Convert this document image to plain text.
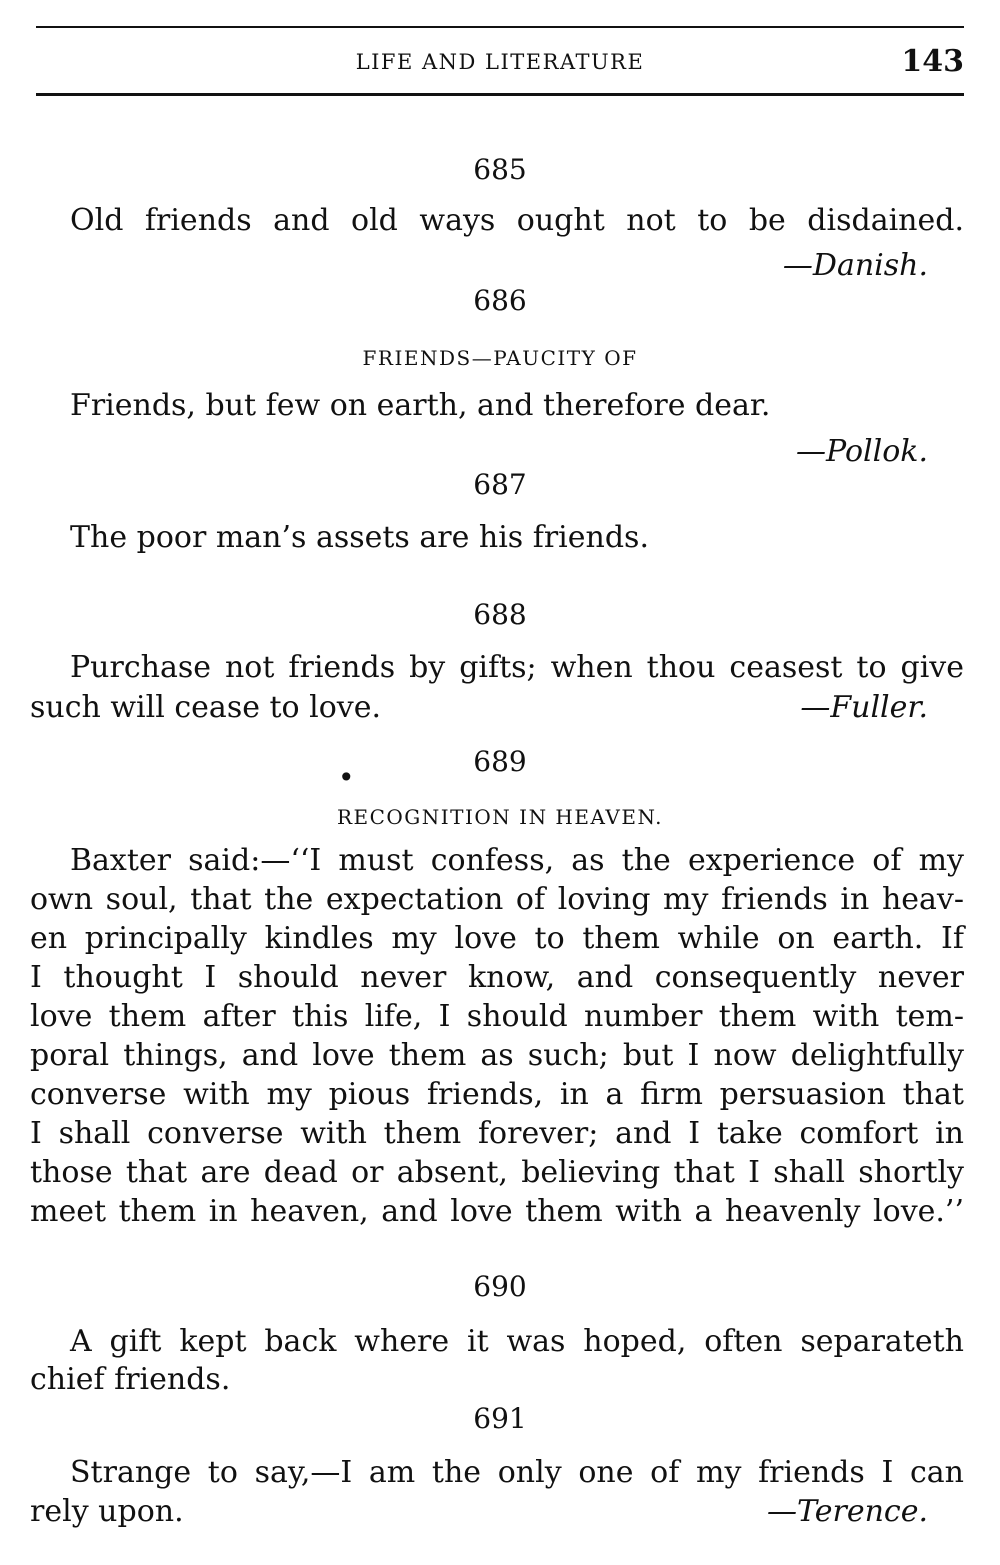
LIFE AND LITERATURE	143
685
Old friends and old ways ought not to be disdained.
—Danish.
686
FRIENDS—PAUCITY OF
Friends, but few on earth, and therefore dear.
—Pollok.
687
The poor man’s assets are his friends.
688
Purchase not friends by gifts; when thou ceasest to give
such will cease to love.	—Fuller.
•	689
RECOGNITION IN HEAVEN.
Baxter said:—‘‘I must confess, as the experience of my
own soul, that the expectation of loving my friends in heav-
en principally kindles my love to them while on earth. If
I thought I should never know, and consequently never
love them after this life, I should number them with tem-
poral things, and love them as such; but I now delightfully
converse with my pious friends, in a firm persuasion that
I shall converse with them forever; and I take comfort in
those that are dead or absent, believing that I shall shortly
meet them in heaven, and love them with a heavenly love.’’
690
A gift kept back where it was hoped, often separateth
chief friends.
691
Strange to say,—I am the only one of my friends I can
rely upon.	—Terence.
